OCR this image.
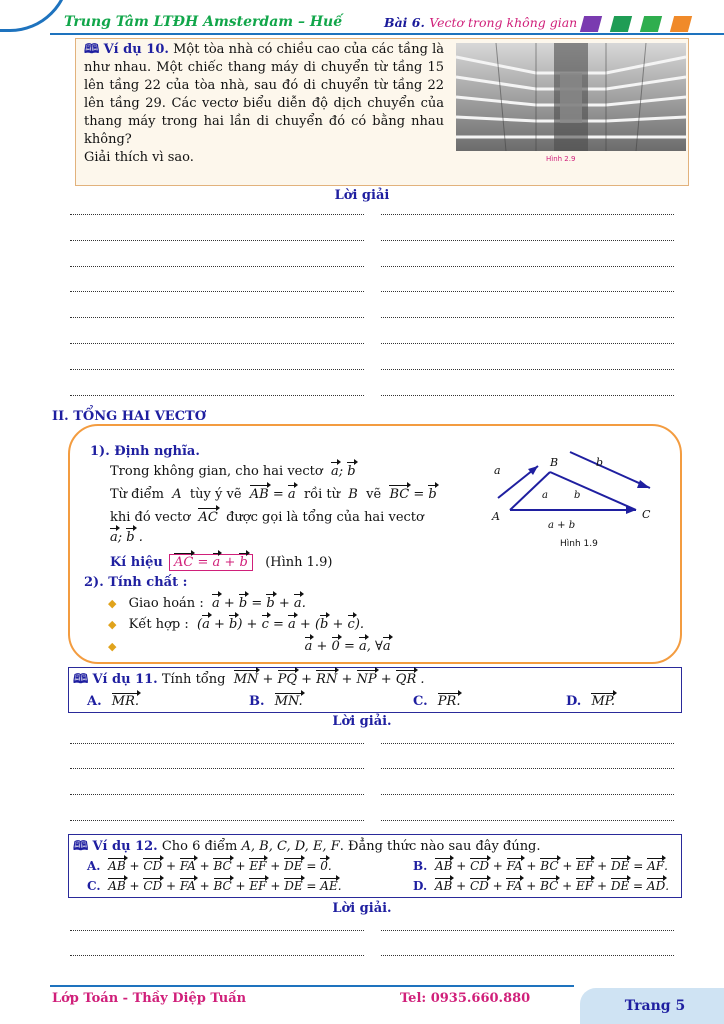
Trung Tâm LTĐH Amsterdam – Huế	Bài 6. Vectơ trong không gian
🕮 Ví dụ 10. Một tòa nhà có chiều cao của các tầng là như nhau. Một chiếc thang máy di chuyển từ tầng 15 lên tầng 22 của tòa nhà, sau đó di chuyển từ tầng 22 lên tầng 29. Các vectơ biểu diễn độ dịch chuyển của thang máy trong hai lần di chuyển đó có bằng nhau không?
Giải thích vì sao.	Hình 2.9
Lời giải
II. TỔNG HAI VECTƠ
1). Định nghĩa.
Trong không gian, cho hai vectơ a; b
Từ điểm  A  tùy ý vẽ AB = a rồi từ  B  vẽ BC = b
khi đó vectơ AC được gọi là tổng của hai vectơ
a; b .
Kí hiệu AC = a + b (Hình 1.9)
2). Tính chất :
◆ Giao hoán : a + b = b + a.
◆ Kết hợp :  (a + b) + c = a + (b + c).
◆	a + 0 = a, ∀a
a
b
A
B
C
a	b
a + b
Hình 1.9
🕮 Ví dụ 11. Tính tổng MN + PQ + RN + NP + QR .
A. MR.	B. MN.	C. PR.	D. MP.
Lời giải.
🕮 Ví dụ 12. Cho 6 điểm A, B, C, D, E, F. Đẳng thức nào sau đây đúng.
A. AB + CD + FA + BC + EF + DE = 0.	B. AB + CD + FA + BC + EF + DE = AF.
C. AB + CD + FA + BC + EF + DE = AE.	D. AB + CD + FA + BC + EF + DE = AD.
Lời giải.
Lớp Toán - Thầy Diệp Tuấn	Tel: 0935.660.880	Trang 5
